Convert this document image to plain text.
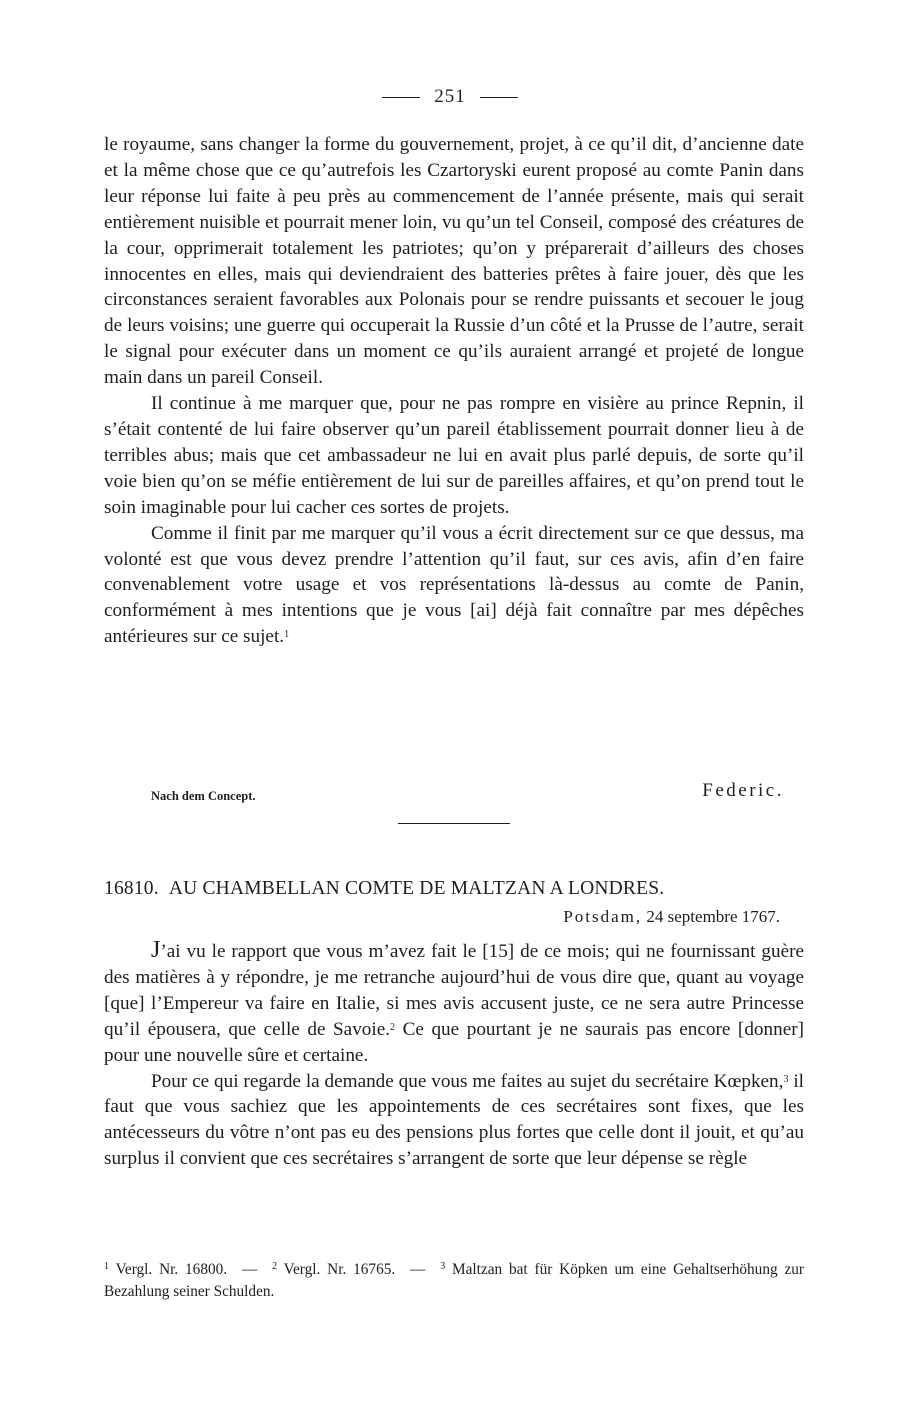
251

le royaume, sans changer la forme du gouvernement, projet, à ce qu’il dit, d’ancienne date et la même chose que ce qu’autrefois les Czartoryski eurent proposé au comte Panin dans leur réponse lui faite à peu près au commencement de l’année présente, mais qui serait entièrement nuisible et pourrait mener loin, vu qu’un tel Conseil, composé des créatures de la cour, opprimerait totalement les patriotes; qu’on y préparerait d’ailleurs des choses innocentes en elles, mais qui deviendraient des batteries prêtes à faire jouer, dès que les circonstances seraient favorables aux Polonais pour se rendre puissants et secouer le joug de leurs voisins; une guerre qui occuperait la Russie d’un côté et la Prusse de l’autre, serait le signal pour exécuter dans un moment ce qu’ils auraient arrangé et projeté de longue main dans un pareil Conseil.

Il continue à me marquer que, pour ne pas rompre en visière au prince Repnin, il s’était contenté de lui faire observer qu’un pareil établissement pourrait donner lieu à de terribles abus; mais que cet ambassadeur ne lui en avait plus parlé depuis, de sorte qu’il voie bien qu’on se méfie entièrement de lui sur de pareilles affaires, et qu’on prend tout le soin imaginable pour lui cacher ces sortes de projets.

Comme il finit par me marquer qu’il vous a écrit directement sur ce que dessus, ma volonté est que vous devez prendre l’attention qu’il faut, sur ces avis, afin d’en faire convenablement votre usage et vos représentations là-dessus au comte de Panin, conformément à mes intentions que je vous [ai] déjà fait connaître par mes dépêches antérieures sur ce sujet.$^1$

Nach dem Concept.	Federic.
16810. AU CHAMBELLAN COMTE DE MALTZAN A LONDRES.
Potsdam, 24 septembre 1767.

J’ai vu le rapport que vous m’avez fait le [15] de ce mois; qui ne fournissant guère des matières à y répondre, je me retranche aujourd’hui de vous dire que, quant au voyage [que] l’Empereur va faire en Italie, si mes avis accusent juste, ce ne sera autre Princesse qu’il épousera, que celle de Savoie.$^2$ Ce que pourtant je ne saurais pas encore [donner] pour une nouvelle sûre et certaine.

Pour ce qui regarde la demande que vous me faites au sujet du secrétaire Kœpken,$^3$ il faut que vous sachiez que les appointements de ces secrétaires sont fixes, que les antécesseurs du vôtre n’ont pas eu des pensions plus fortes que celle dont il jouit, et qu’au surplus il convient que ces secrétaires s’arrangent de sorte que leur dépense se règle

$^1$ Vergl. Nr. 16800. — $^2$ Vergl. Nr. 16765. — $^3$ Maltzan bat für Köpken um eine Gehaltserhöhung zur Bezahlung seiner Schulden.
